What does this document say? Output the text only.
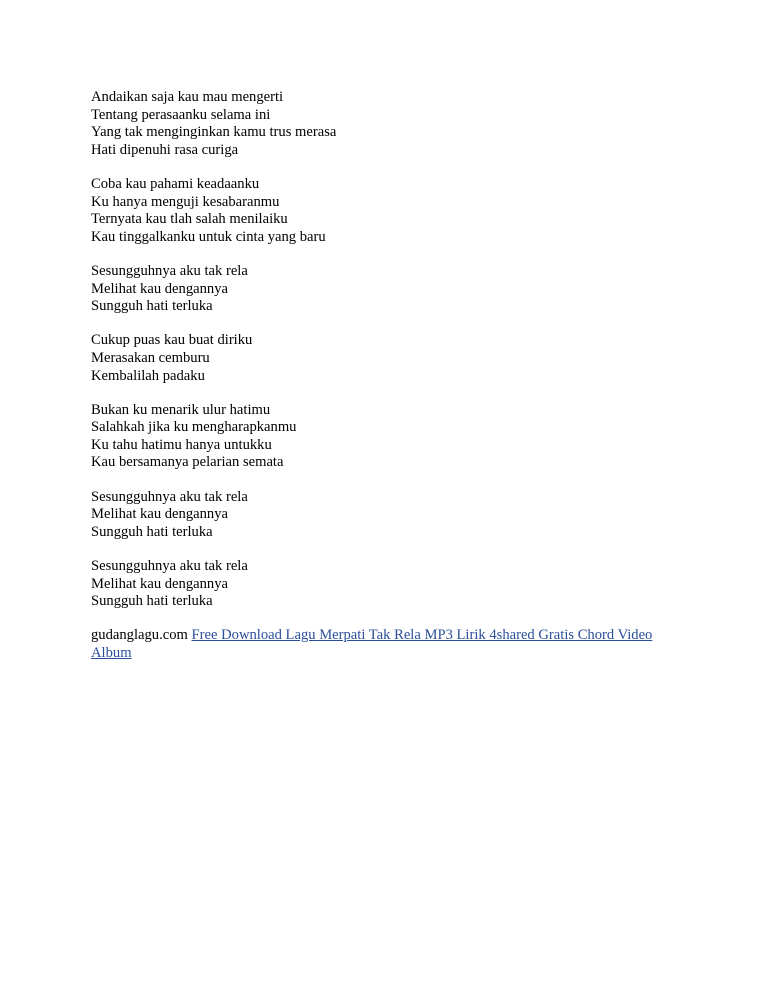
Andaikan saja kau mau mengerti
Tentang perasaanku selama ini
Yang tak menginginkan kamu trus merasa
Hati dipenuhi rasa curiga
Coba kau pahami keadaanku
Ku hanya menguji kesabaranmu
Ternyata kau tlah salah menilaiku
Kau tinggalkanku untuk cinta yang baru
Sesungguhnya aku tak rela
Melihat kau dengannya
Sungguh hati terluka
Cukup puas kau buat diriku
Merasakan cemburu
Kembalilah padaku
Bukan ku menarik ulur hatimu
Salahkah jika ku mengharapkanmu
Ku tahu hatimu hanya untukku
Kau bersamanya pelarian semata
Sesungguhnya aku tak rela
Melihat kau dengannya
Sungguh hati terluka
Sesungguhnya aku tak rela
Melihat kau dengannya
Sungguh hati terluka
gudanglagu.com Free Download Lagu Merpati Tak Rela MP3 Lirik 4shared Gratis Chord Video Album
